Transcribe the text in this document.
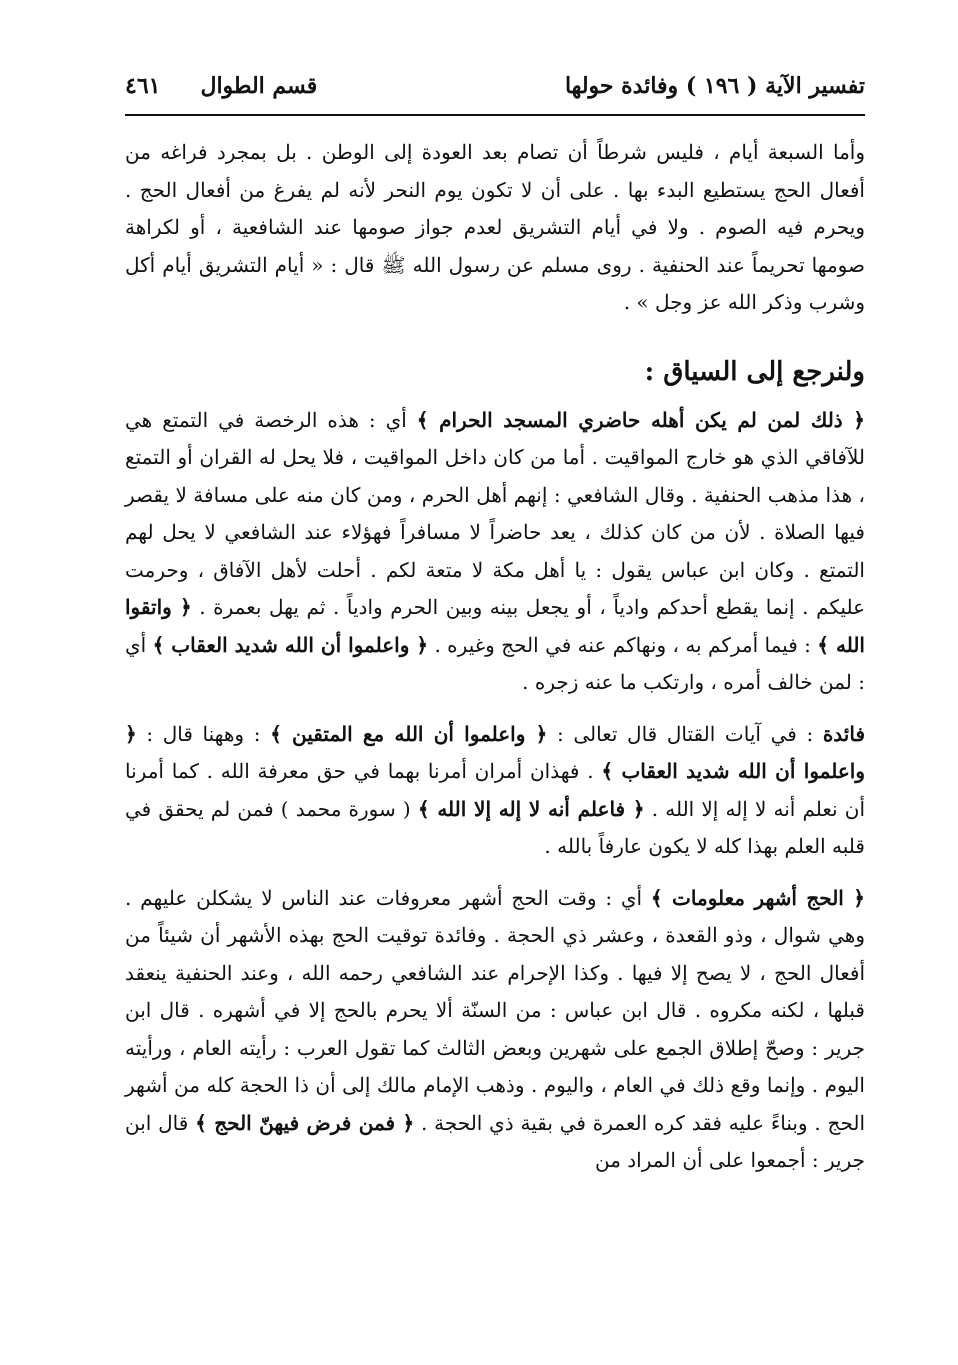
تفسير الآية ( ١٩٦ ) وفائدة حولها
قسم الطوال
٤٦١

وأما السبعة أيام ، فليس شرطاً أن تصام بعد العودة إلى الوطن . بل بمجرد فراغه من أفعال الحج يستطيع البدء بها . على أن لا تكون يوم النحر لأنه لم يفرغ من أفعال الحج . ويحرم فيه الصوم . ولا في أيام التشريق لعدم جواز صومها عند الشافعية ، أو لكراهة صومها تحريماً عند الحنفية . روى مسلم عن رسول الله ﷺ قال : « أيام التشريق أيام أكل وشرب وذكر الله عز وجل » .

ولنرجع إلى السياق :

﴿ ذلك لمن لم يكن أهله حاضري المسجد الحرام ﴾ أي : هذه الرخصة في التمتع هي للآفاقي الذي هو خارج المواقيت . أما من كان داخل المواقيت ، فلا يحل له القران أو التمتع ، هذا مذهب الحنفية . وقال الشافعي : إنهم أهل الحرم ، ومن كان منه على مسافة لا يقصر فيها الصلاة . لأن من كان كذلك ، يعد حاضراً لا مسافراً فهؤلاء عند الشافعي لا يحل لهم التمتع . وكان ابن عباس يقول : يا أهل مكة لا متعة لكم . أحلت لأهل الآفاق ، وحرمت عليكم . إنما يقطع أحدكم وادياً ، أو يجعل بينه وبين الحرم وادياً . ثم يهل بعمرة . ﴿ واتقوا الله ﴾ : فيما أمركم به ، ونهاكم عنه في الحج وغيره . ﴿ واعلموا أن الله شديد العقاب ﴾ أي : لمن خالف أمره ، وارتكب ما عنه زجره .

فائدة : في آيات القتال قال تعالى : ﴿ واعلموا أن الله مع المتقين ﴾ : وههنا قال : ﴿ واعلموا أن الله شديد العقاب ﴾ . فهذان أمران أمرنا بهما في حق معرفة الله . كما أمرنا أن نعلم أنه لا إله إلا الله . ﴿ فاعلم أنه لا إله إلا الله ﴾ ( سورة محمد ) فمن لم يحقق في قلبه العلم بهذا كله لا يكون عارفاً بالله .

﴿ الحج أشهر معلومات ﴾ أي : وقت الحج أشهر معروفات عند الناس لا يشكلن عليهم . وهي شوال ، وذو القعدة ، وعشر ذي الحجة . وفائدة توقيت الحج بهذه الأشهر أن شيئاً من أفعال الحج ، لا يصح إلا فيها . وكذا الإحرام عند الشافعي رحمه الله ، وعند الحنفية ينعقد قبلها ، لكنه مكروه . قال ابن عباس : من السنّة ألا يحرم بالحج إلا في أشهره . قال ابن جرير : وصحّ إطلاق الجمع على شهرين وبعض الثالث كما تقول العرب : رأيته العام ، ورأيته اليوم . وإنما وقع ذلك في العام ، واليوم . وذهب الإمام مالك إلى أن ذا الحجة كله من أشهر الحج . وبناءً عليه فقد كره العمرة في بقية ذي الحجة . ﴿ فمن فرض فيهنّ الحج ﴾ قال ابن جرير : أجمعوا على أن المراد من
